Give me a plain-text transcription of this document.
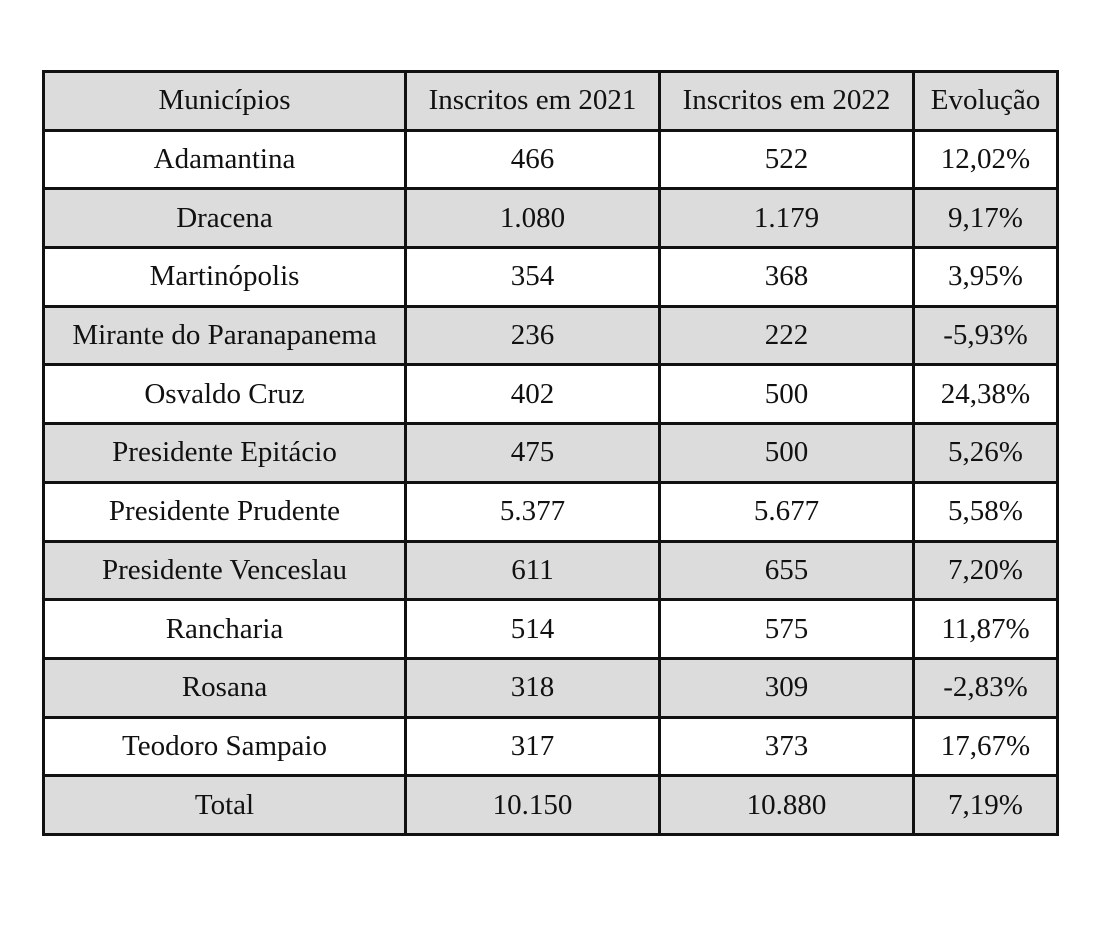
Municípios	Inscritos em 2021	Inscritos em 2022	Evolução
Adamantina	466	522	12,02%
Dracena	1.080	1.179	9,17%
Martinópolis	354	368	3,95%
Mirante do Paranapanema	236	222	-5,93%
Osvaldo Cruz	402	500	24,38%
Presidente Epitácio	475	500	5,26%
Presidente Prudente	5.377	5.677	5,58%
Presidente Venceslau	611	655	7,20%
Rancharia	514	575	11,87%
Rosana	318	309	-2,83%
Teodoro Sampaio	317	373	17,67%
Total	10.150	10.880	7,19%
